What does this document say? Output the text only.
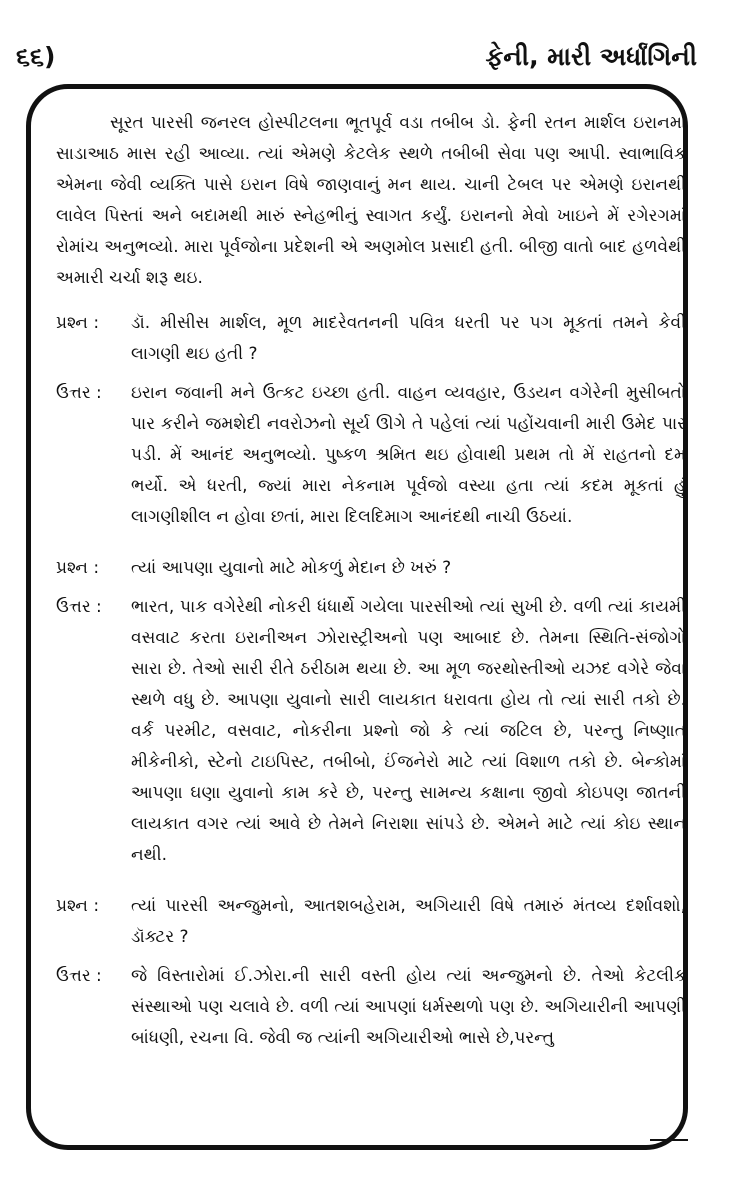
૬૬)	ફેની, મારી અર્ધાંગિની

સૂરત પારસી જનરલ હોસ્પીટલના ભૂતપૂર્વ વડા તબીબ ડો. ફેની રતન માર્શલ ઇરાનમાં સાડાઆઠ માસ રહી આવ્યા. ત્યાં એમણે કેટલેક સ્થળે તબીબી સેવા પણ આપી. સ્વાભાવિક એમના જેવી વ્યક્તિ પાસે ઇરાન વિષે જાણવાનું મન થાય. ચાની ટેબલ પર એમણે ઇરાનથી લાવેલ પિસ્તાં અને બદામથી મારું સ્નેહભીનું સ્વાગત કર્યું. ઇરાનનો મેવો ખાઇને મેં રગેરગમાં રોમાંચ અનુભવ્યો. મારા પૂર્વજોના પ્રદેશની એ અણમોલ પ્રસાદી હતી. બીજી વાતો બાદ હળવેથી અમારી ચર્ચા શરૂ થઇ.

પ્રશ્ન :	ડૉ. મીસીસ માર્શલ, મૂળ માદરેવતનની પવિત્ર ધરતી પર પગ મૂકતાં તમને કેવી લાગણી થઇ હતી ?

ઉત્તર :	ઇરાન જવાની મને ઉત્કટ ઇચ્છા હતી. વાહન વ્યવહાર, ઉડયન વગેરેની મુસીબતો પાર કરીને જમશેદી નવરોઝનો સૂર્ય ઊગે તે પહેલાં ત્યાં પહોંચવાની મારી ઉમેદ પાર પડી. મેં આનંદ અનુભવ્યો. પુષ્કળ શ્રમિત થઇ હોવાથી પ્રથમ તો મેં રાહતનો દમ ભર્યો. એ ધરતી, જ્યાં મારા નેકનામ પૂર્વજો વસ્યા હતા ત્યાં કદમ મૂકતાં હું લાગણીશીલ ન હોવા છતાં, મારા દિલદિમાગ આનંદથી નાચી ઉઠયાં.

પ્રશ્ન :	ત્યાં આપણા યુવાનો માટે મોકળું મેદાન છે ખરું ?

ઉત્તર :	ભારત, પાક વગેરેથી નોકરી ધંધાર્થે ગયેલા પારસીઓ ત્યાં સુખી છે. વળી ત્યાં કાયમી વસવાટ કરતા ઇરાનીઅન ઝોરાસ્ટ્રીઅનો પણ આબાદ છે. તેમના સ્થિતિ-સંજોગો સારા છે. તેઓ સારી રીતે ઠરીઠામ થયા છે. આ મૂળ જરથોસ્તીઓ યઝદ વગેરે જેવા સ્થળે વધુ છે. આપણા યુવાનો સારી લાયકાત ધરાવતા હોય તો ત્યાં સારી તકો છે. વર્ક પરમીટ, વસવાટ, નોકરીના પ્રશ્નો જો કે ત્યાં જટિલ છે, પરન્તુ નિષ્ણાત મીકેનીકો, સ્ટેનો ટાઇપિસ્ટ, તબીબો, ઈંજનેરો માટે ત્યાં વિશાળ તકો છે. બેન્કોમાં આપણા ઘણા યુવાનો કામ કરે છે, પરન્તુ સામન્ય કક્ષાના જીવો કોઇપણ જાતની લાયકાત વગર ત્યાં આવે છે તેમને નિરાશા સાંપડે છે. એમને માટે ત્યાં કોઇ સ્થાન નથી.

પ્રશ્ન :	ત્યાં પારસી અન્જુમનો, આતશબહેરામ, અગિયારી વિષે તમારું મંતવ્ય દર્શાવશો, ડૉક્ટર ?

ઉત્તર :	જે વિસ્તારોમાં ઈ.ઝોરા.ની સારી વસ્તી હોય ત્યાં અન્જુમનો છે. તેઓ કેટલીક સંસ્થાઓ પણ ચલાવે છે. વળી ત્યાં આપણાં ધર્મસ્થળો પણ છે. અગિયારીની આપણી બાંધણી, રચના વિ. જેવી જ ત્યાંની અગિયારીઓ ભાસે છે,પરન્તુ
